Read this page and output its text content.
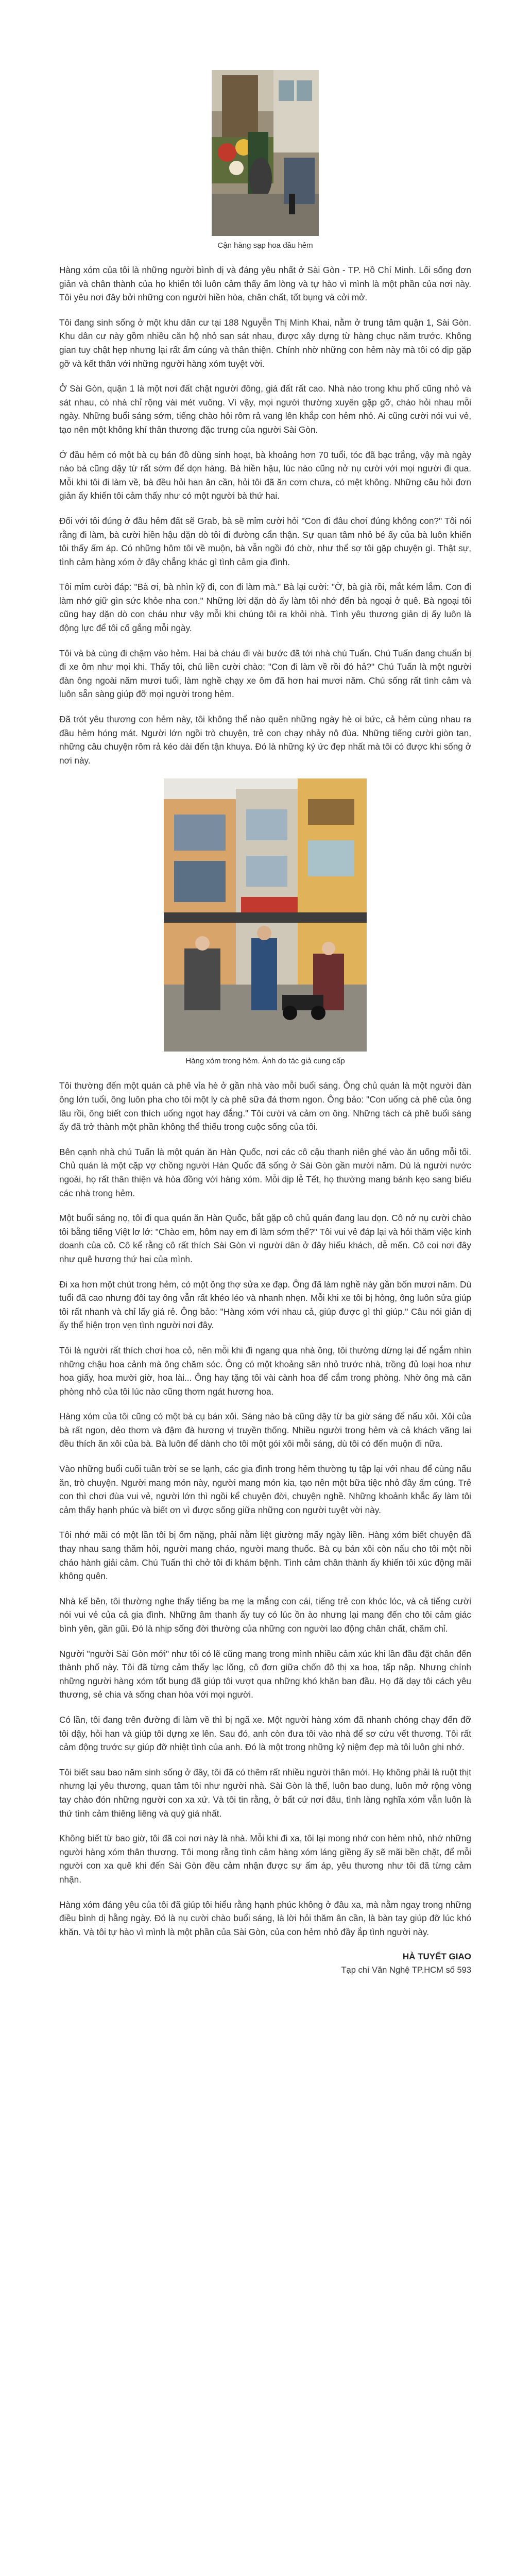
Cận hàng sạp hoa đầu hẻm

Hàng xóm của tôi là những người bình dị và đáng yêu nhất ở Sài Gòn - TP. Hồ Chí Minh. Lối sống đơn giản và chân thành của họ khiến tôi luôn cảm thấy ấm lòng và tự hào vì mình là một phần của nơi này. Tôi yêu nơi đây bởi những con người hiền hòa, chân chất, tốt bụng và cởi mở.

Tôi đang sinh sống ở một khu dân cư tại 188 Nguyễn Thị Minh Khai, nằm ở trung tâm quận 1, Sài Gòn. Khu dân cư này gồm nhiều căn hộ nhỏ san sát nhau, được xây dựng từ hàng chục năm trước. Không gian tuy chật hẹp nhưng lại rất ấm cúng và thân thiện. Chính nhờ những con hẻm này mà tôi có dịp gặp gỡ và kết thân với những người hàng xóm tuyệt vời.

Ở Sài Gòn, quận 1 là một nơi đất chật người đông, giá đất rất cao. Nhà nào trong khu phố cũng nhỏ và sát nhau, có nhà chỉ rộng vài mét vuông. Vì vậy, mọi người thường xuyên gặp gỡ, chào hỏi nhau mỗi ngày. Những buổi sáng sớm, tiếng chào hỏi rôm rả vang lên khắp con hẻm nhỏ. Ai cũng cười nói vui vẻ, tạo nên một không khí thân thương đặc trưng của người Sài Gòn.

Ở đầu hẻm có một bà cụ bán đồ dùng sinh hoạt, bà khoảng hơn 70 tuổi, tóc đã bạc trắng, vậy mà ngày nào bà cũng dậy từ rất sớm để dọn hàng. Bà hiền hậu, lúc nào cũng nở nụ cười với mọi người đi qua. Mỗi khi tôi đi làm về, bà đều hỏi han ân cần, hỏi tôi đã ăn cơm chưa, có mệt không. Những câu hỏi đơn giản ấy khiến tôi cảm thấy như có một người bà thứ hai.

Đối với tôi đúng ở đầu hẻm đất sẽ Grab, bà sẽ mỉm cười hỏi "Con đi đâu chơi đúng không con?" Tôi nói rằng đi làm, bà cười hiền hậu dặn dò tôi đi đường cẩn thận. Sự quan tâm nhỏ bé ấy của bà luôn khiến tôi thấy ấm áp. Có những hôm tôi về muộn, bà vẫn ngồi đó chờ, như thể sợ tôi gặp chuyện gì. Thật sự, tình cảm hàng xóm ở đây chẳng khác gì tình cảm gia đình.

Tôi mỉm cười đáp: "Bà ơi, bà nhìn kỹ đi, con đi làm mà." Bà lại cười: "Ờ, bà già rồi, mắt kém lắm. Con đi làm nhớ giữ gìn sức khỏe nha con." Những lời dặn dò ấy làm tôi nhớ đến bà ngoại ở quê. Bà ngoại tôi cũng hay dặn dò con cháu như vậy mỗi khi chúng tôi ra khỏi nhà. Tình yêu thương giản dị ấy luôn là động lực để tôi cố gắng mỗi ngày.

Tôi và bà cùng đi chậm vào hẻm. Hai bà cháu đi vài bước đã tới nhà chú Tuấn. Chú Tuấn đang chuẩn bị đi xe ôm như mọi khi. Thấy tôi, chú liền cười chào: "Con đi làm về rồi đó hả?" Chú Tuấn là một người đàn ông ngoài năm mươi tuổi, làm nghề chạy xe ôm đã hơn hai mươi năm. Chú sống rất tình cảm và luôn sẵn sàng giúp đỡ mọi người trong hẻm.

Đã trót yêu thương con hẻm này, tôi không thể nào quên những ngày hè oi bức, cả hẻm cùng nhau ra đầu hẻm hóng mát. Người lớn ngồi trò chuyện, trẻ con chạy nhảy nô đùa. Những tiếng cười giòn tan, những câu chuyện rôm rả kéo dài đến tận khuya. Đó là những ký ức đẹp nhất mà tôi có được khi sống ở nơi này.

Hàng xóm trong hẻm. Ảnh do tác giả cung cấp

Tôi thường đến một quán cà phê vỉa hè ở gần nhà vào mỗi buổi sáng. Ông chủ quán là một người đàn ông lớn tuổi, ông luôn pha cho tôi một ly cà phê sữa đá thơm ngon. Ông bảo: "Con uống cà phê của ông lâu rồi, ông biết con thích uống ngọt hay đắng." Tôi cười và cảm ơn ông. Những tách cà phê buổi sáng ấy đã trở thành một phần không thể thiếu trong cuộc sống của tôi.

Bên cạnh nhà chú Tuấn là một quán ăn Hàn Quốc, nơi các cô cậu thanh niên ghé vào ăn uống mỗi tối. Chủ quán là một cặp vợ chồng người Hàn Quốc đã sống ở Sài Gòn gần mười năm. Dù là người nước ngoài, họ rất thân thiện và hòa đồng với hàng xóm. Mỗi dịp lễ Tết, họ thường mang bánh kẹo sang biếu các nhà trong hẻm.

Một buổi sáng nọ, tôi đi qua quán ăn Hàn Quốc, bắt gặp cô chủ quán đang lau dọn. Cô nở nụ cười chào tôi bằng tiếng Việt lơ lớ: "Chào em, hôm nay em đi làm sớm thế?" Tôi vui vẻ đáp lại và hỏi thăm việc kinh doanh của cô. Cô kể rằng cô rất thích Sài Gòn vì người dân ở đây hiếu khách, dễ mến. Cô coi nơi đây như quê hương thứ hai của mình.

Đi xa hơn một chút trong hẻm, có một ông thợ sửa xe đạp. Ông đã làm nghề này gần bốn mươi năm. Dù tuổi đã cao nhưng đôi tay ông vẫn rất khéo léo và nhanh nhẹn. Mỗi khi xe tôi bị hỏng, ông luôn sửa giúp tôi rất nhanh và chỉ lấy giá rẻ. Ông bảo: "Hàng xóm với nhau cả, giúp được gì thì giúp." Câu nói giản dị ấy thể hiện trọn vẹn tình người nơi đây.

Tôi là người rất thích chơi hoa cỏ, nên mỗi khi đi ngang qua nhà ông, tôi thường dừng lại để ngắm nhìn những chậu hoa cảnh mà ông chăm sóc. Ông có một khoảng sân nhỏ trước nhà, trồng đủ loại hoa như hoa giấy, hoa mười giờ, hoa lài... Ông hay tặng tôi vài cành hoa để cắm trong phòng. Nhờ ông mà căn phòng nhỏ của tôi lúc nào cũng thơm ngát hương hoa.

Hàng xóm của tôi cũng có một bà cụ bán xôi. Sáng nào bà cũng dậy từ ba giờ sáng để nấu xôi. Xôi của bà rất ngon, dẻo thơm và đậm đà hương vị truyền thống. Nhiều người trong hẻm và cả khách vãng lai đều thích ăn xôi của bà. Bà luôn để dành cho tôi một gói xôi mỗi sáng, dù tôi có đến muộn đi nữa.

Vào những buổi cuối tuần trời se se lạnh, các gia đình trong hẻm thường tụ tập lại với nhau để cùng nấu ăn, trò chuyện. Người mang món này, người mang món kia, tạo nên một bữa tiệc nhỏ đầy ấm cúng. Trẻ con thì chơi đùa vui vẻ, người lớn thì ngồi kể chuyện đời, chuyện nghề. Những khoảnh khắc ấy làm tôi cảm thấy hạnh phúc và biết ơn vì được sống giữa những con người tuyệt vời này.

Tôi nhớ mãi có một lần tôi bị ốm nặng, phải nằm liệt giường mấy ngày liền. Hàng xóm biết chuyện đã thay nhau sang thăm hỏi, người mang cháo, người mang thuốc. Bà cụ bán xôi còn nấu cho tôi một nồi cháo hành giải cảm. Chú Tuấn thì chở tôi đi khám bệnh. Tình cảm chân thành ấy khiến tôi xúc động mãi không quên.

Nhà kế bên, tôi thường nghe thấy tiếng ba mẹ la mắng con cái, tiếng trẻ con khóc lóc, và cả tiếng cười nói vui vẻ của cả gia đình. Những âm thanh ấy tuy có lúc ồn ào nhưng lại mang đến cho tôi cảm giác bình yên, gần gũi. Đó là nhịp sống đời thường của những con người lao động chân chất, chăm chỉ.

Người "người Sài Gòn mới" như tôi có lẽ cũng mang trong mình nhiều cảm xúc khi lần đầu đặt chân đến thành phố này. Tôi đã từng cảm thấy lạc lõng, cô đơn giữa chốn đô thị xa hoa, tấp nập. Nhưng chính những người hàng xóm tốt bụng đã giúp tôi vượt qua những khó khăn ban đầu. Họ đã dạy tôi cách yêu thương, sẻ chia và sống chan hòa với mọi người.

Có lần, tôi đang trên đường đi làm về thì bị ngã xe. Một người hàng xóm đã nhanh chóng chạy đến đỡ tôi dậy, hỏi han và giúp tôi dựng xe lên. Sau đó, anh còn đưa tôi vào nhà để sơ cứu vết thương. Tôi rất cảm động trước sự giúp đỡ nhiệt tình của anh. Đó là một trong những kỷ niệm đẹp mà tôi luôn ghi nhớ.

Tôi biết sau bao năm sinh sống ở đây, tôi đã có thêm rất nhiều người thân mới. Họ không phải là ruột thịt nhưng lại yêu thương, quan tâm tôi như người nhà. Sài Gòn là thế, luôn bao dung, luôn mở rộng vòng tay chào đón những người con xa xứ. Và tôi tin rằng, ở bất cứ nơi đâu, tình làng nghĩa xóm vẫn luôn là thứ tình cảm thiêng liêng và quý giá nhất.

Không biết từ bao giờ, tôi đã coi nơi này là nhà. Mỗi khi đi xa, tôi lại mong nhớ con hẻm nhỏ, nhớ những người hàng xóm thân thương. Tôi mong rằng tình cảm hàng xóm láng giềng ấy sẽ mãi bền chặt, để mỗi người con xa quê khi đến Sài Gòn đều cảm nhận được sự ấm áp, yêu thương như tôi đã từng cảm nhận.

Hàng xóm đáng yêu của tôi đã giúp tôi hiểu rằng hạnh phúc không ở đâu xa, mà nằm ngay trong những điều bình dị hằng ngày. Đó là nụ cười chào buổi sáng, là lời hỏi thăm ân cần, là bàn tay giúp đỡ lúc khó khăn. Và tôi tự hào vì mình là một phần của Sài Gòn, của con hẻm nhỏ đầy ắp tình người này.

HÀ TUYẾT GIAO
Tạp chí Văn Nghệ TP.HCM số 593
